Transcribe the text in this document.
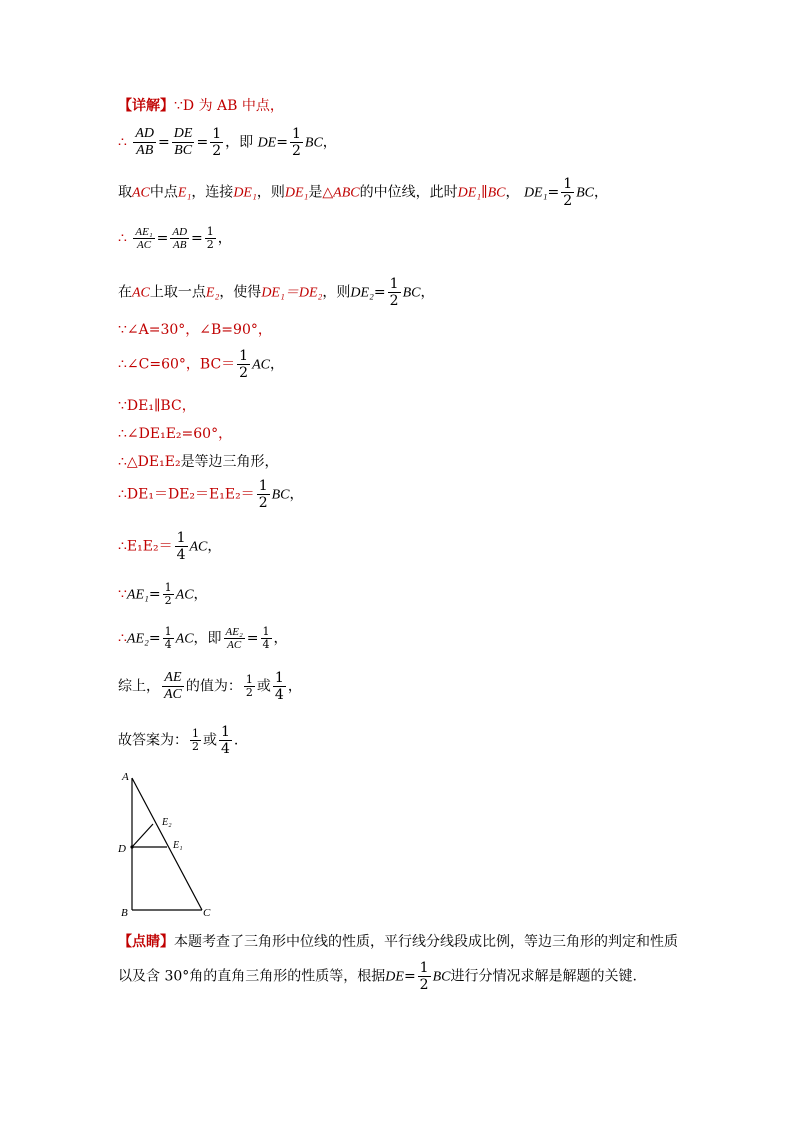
【详解】∵D 为 AB 中点，
∴ $\frac{AD}{AB} = \frac{DE}{BC} = \frac{1}{2}$ ，即 $DE= \frac{1}{2}$ BC，
取AC中点E₁，连接DE₁，则DE₁是△ABC的中位线，此时DE₁∥BC， $DE_1= \frac{1}{2}$ BC，
∴ $\frac{\text{AE₁}}{AC} = \frac{AD}{AB} = \frac{1}{2}$ ，
在AC上取一点E₂，使得DE₁＝DE₂，则$DE_2= \frac{1}{2}$ BC，
∵∠A=30°，∠B=90°，
∴∠C=60°，$BC= \frac{1}{2}$ AC，
∵DE₁∥BC，
∴∠DE₁E₂=60°，
∴△DE₁E₂是等边三角形，
∴DE₁＝DE₂＝E₁E₂＝ $\frac{1}{2}$ BC，
∴E₁E₂＝ $\frac{1}{4}$ AC，
∵AE₁= $\frac{1}{2}$ AC，
∴AE₂= $\frac{1}{4}$ AC，即 $\frac{\text{AE₂}}{AC} = \frac{1}{4}$ ，
综上， $\frac{AE}{AC}$ 的值为： $\frac{1}{2}$ 或 $\frac{1}{4}$ ，
故答案为： $\frac{1}{2}$ 或 $\frac{1}{4}$ .
A
B	C
D	E₁
E₂
【点睛】本题考查了三角形中位线的性质，平行线分线段成比例，等边三角形的判定和性质
以及含 30°角的直角三角形的性质等，根据$DE= \frac{1}{2}$ BC进行分情况求解是解题的关键.
